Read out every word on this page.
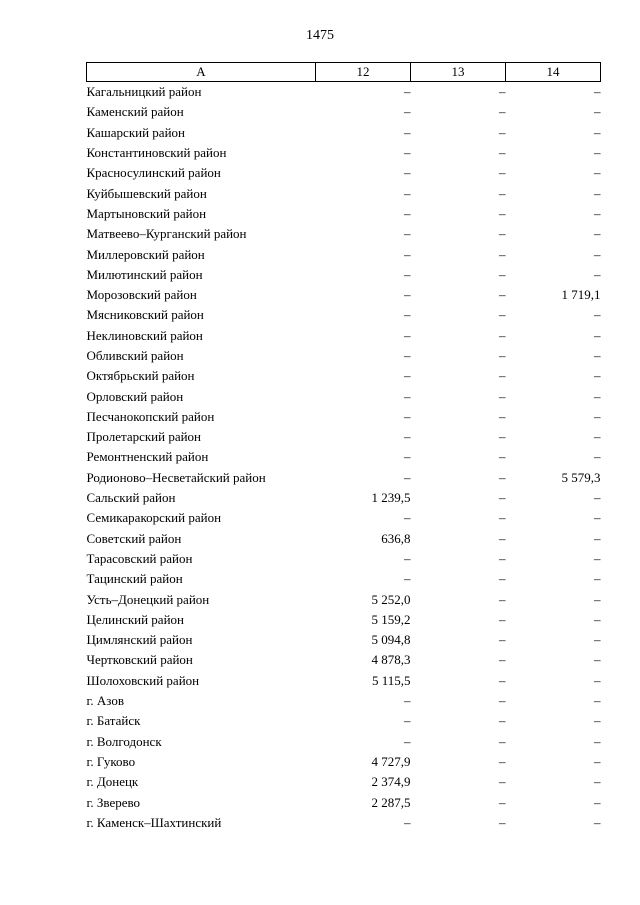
1475
А	12	13	14
Кагальницкий район	–	–	–
Каменский район	–	–	–
Кашарский район	–	–	–
Константиновский район	–	–	–
Красносулинский район	–	–	–
Куйбышевский район	–	–	–
Мартыновский район	–	–	–
Матвеево–Курганский район	–	–	–
Миллеровский район	–	–	–
Милютинский район	–	–	–
Морозовский район	–	–	1 719,1
Мясниковский район	–	–	–
Неклиновский район	–	–	–
Обливский район	–	–	–
Октябрьский район	–	–	–
Орловский район	–	–	–
Песчанокопский район	–	–	–
Пролетарский район	–	–	–
Ремонтненский район	–	–	–
Родионово–Несветайский район	–	–	5 579,3
Сальский район	1 239,5	–	–
Семикаракорский район	–	–	–
Советский район	636,8	–	–
Тарасовский район	–	–	–
Тацинский район	–	–	–
Усть–Донецкий район	5 252,0	–	–
Целинский район	5 159,2	–	–
Цимлянский район	5 094,8	–	–
Чертковский район	4 878,3	–	–
Шолоховский район	5 115,5	–	–
г. Азов	–	–	–
г. Батайск	–	–	–
г. Волгодонск	–	–	–
г. Гуково	4 727,9	–	–
г. Донецк	2 374,9	–	–
г. Зверево	2 287,5	–	–
г. Каменск–Шахтинский	–	–	–
